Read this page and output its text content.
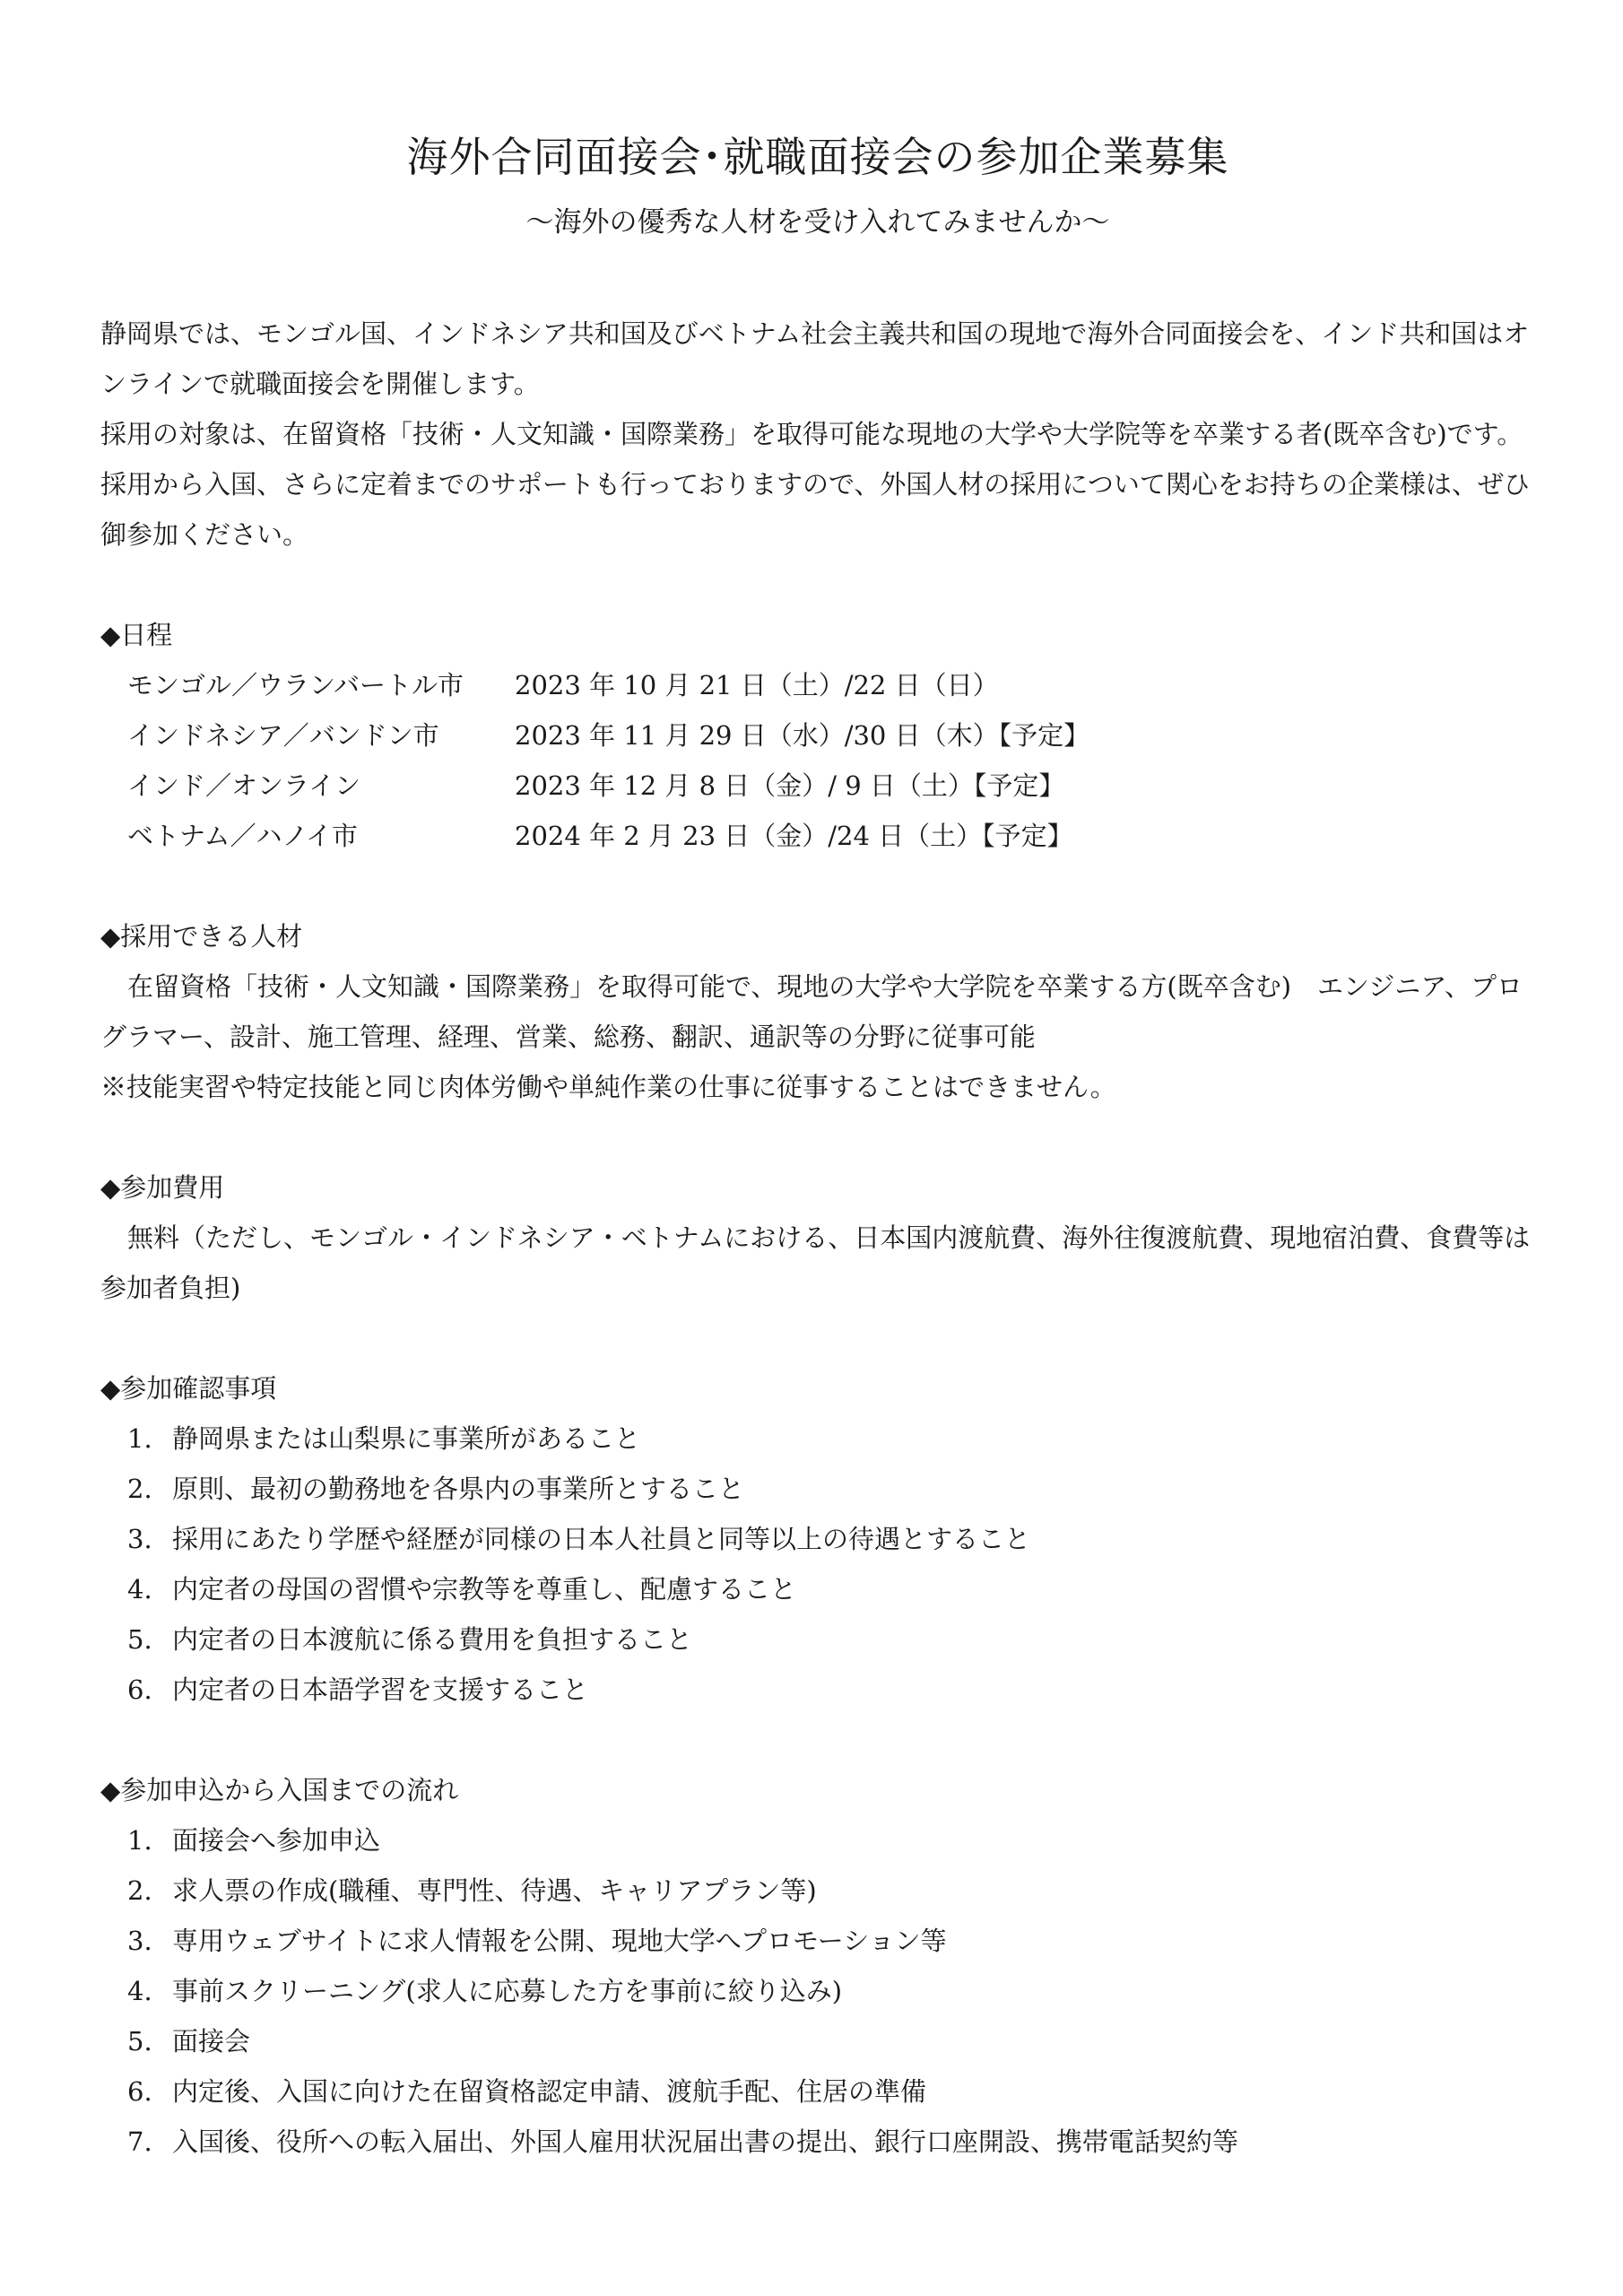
海外合同面接会･就職面接会の参加企業募集
～海外の優秀な人材を受け入れてみませんか～

静岡県では、モンゴル国、インドネシア共和国及びベトナム社会主義共和国の現地で海外合同面接会を、インド共和国はオンラインで就職面接会を開催します。

採用の対象は、在留資格「技術・人文知識・国際業務」を取得可能な現地の大学や大学院等を卒業する者(既卒含む)です。採用から入国、さらに定着までのサポートも行っておりますので、外国人材の採用について関心をお持ちの企業様は、ぜひ御参加ください。

◆日程
モンゴル／ウランバートル市	2023 年 10 月 21 日（土）/22 日（日）
インドネシア／バンドン市	2023 年 11 月 29 日（水）/30 日（木）【予定】
インド／オンライン	2023 年 12 月 8 日（金）/ 9 日（土）【予定】
ベトナム／ハノイ市	2024 年 2 月 23 日（金）/24 日（土）【予定】
◆採用できる人材

在留資格「技術・人文知識・国際業務」を取得可能で、現地の大学や大学院を卒業する方(既卒含む)　エンジニア、プログラマー、設計、施工管理、経理、営業、総務、翻訳、通訳等の分野に従事可能

※技能実習や特定技能と同じ肉体労働や単純作業の仕事に従事することはできません。

◆参加費用

無料（ただし、モンゴル・インドネシア・ベトナムにおける、日本国内渡航費、海外往復渡航費、現地宿泊費、食費等は参加者負担)

◆参加確認事項
1. 静岡県または山梨県に事業所があること
2. 原則、最初の勤務地を各県内の事業所とすること
3. 採用にあたり学歴や経歴が同様の日本人社員と同等以上の待遇とすること
4. 内定者の母国の習慣や宗教等を尊重し、配慮すること
5. 内定者の日本渡航に係る費用を負担すること
6. 内定者の日本語学習を支援すること
◆参加申込から入国までの流れ
1. 面接会へ参加申込
2. 求人票の作成(職種、専門性、待遇、キャリアプラン等)
3. 専用ウェブサイトに求人情報を公開、現地大学へプロモーション等
4. 事前スクリーニング(求人に応募した方を事前に絞り込み)
5. 面接会
6. 内定後、入国に向けた在留資格認定申請、渡航手配、住居の準備
7. 入国後、役所への転入届出、外国人雇用状況届出書の提出、銀行口座開設、携帯電話契約等
